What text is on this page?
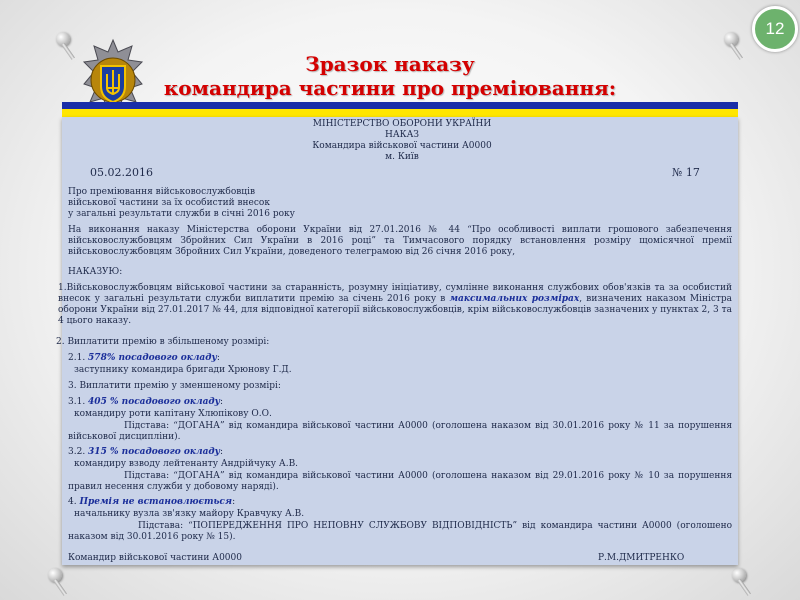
12
Зразок наказу
командира частини про преміювання:
МІНІСТЕРСТВО ОБОРОНИ УКРАЇНИ
НАКАЗ
Командира військової частини А0000
м. Київ
05.02.2016	№ 17
Про преміювання військовослужбовців
військової частини за їх особистий внесок
у загальні результати служби в січні 2016 року
На виконання наказу Міністерства оборони України від 27.01.2016 № 44 “Про особливості виплати грошового забезпечення військовослужбовцям Збройних Сил України в 2016 році” та Тимчасового порядку встановлення розміру щомісячної премії військовослужбовцям Збройних Сил України, доведеного телеграмою від 26 січня 2016 року,
НАКАЗУЮ:
1.Військовослужбовцям військової частини за старанність, розумну ініціативу, сумлінне виконання службових обов'язків та за особистий внесок у загальні результати служби виплатити премію за січень 2016 року в максимальних розмірах, визначених наказом Міністра оборони України від 27.01.2017 № 44, для відповідної категорії військовослужбовців, крім військовослужбовців зазначених у пунктах 2, 3 та 4 цього наказу.
2. Виплатити премію в збільшеному розмірі:
2.1. 578% посадового окладу:
заступнику командира бригади Хрюнову Г.Д.
3. Виплатити премію у зменшеному розмірі:
3.1. 405 % посадового окладу:
командиру роти капітану Хлюпікову О.О.
Підстава: “ДОГАНА” від командира військової частини А0000 (оголошена наказом від 30.01.2016 року № 11 за порушення військової дисципліни).
3.2. 315 % посадового окладу:
командиру взводу лейтенанту Андрійчуку А.В.
Підстава: “ДОГАНА” від командира військової частини А0000 (оголошена наказом від 29.01.2016 року № 10 за порушення правил несення служби у добовому наряді).
4. Премія не встановлюється:
начальнику вузла зв'язку майору Кравчуку А.В.
Підстава: “ПОПЕРЕДЖЕННЯ ПРО НЕПОВНУ СЛУЖБОВУ ВІДПОВІДНІСТЬ” від командира частини А0000 (оголошено наказом від 30.01.2016 року № 15).
Командир військової частини А0000	Р.М.ДМИТРЕНКО
